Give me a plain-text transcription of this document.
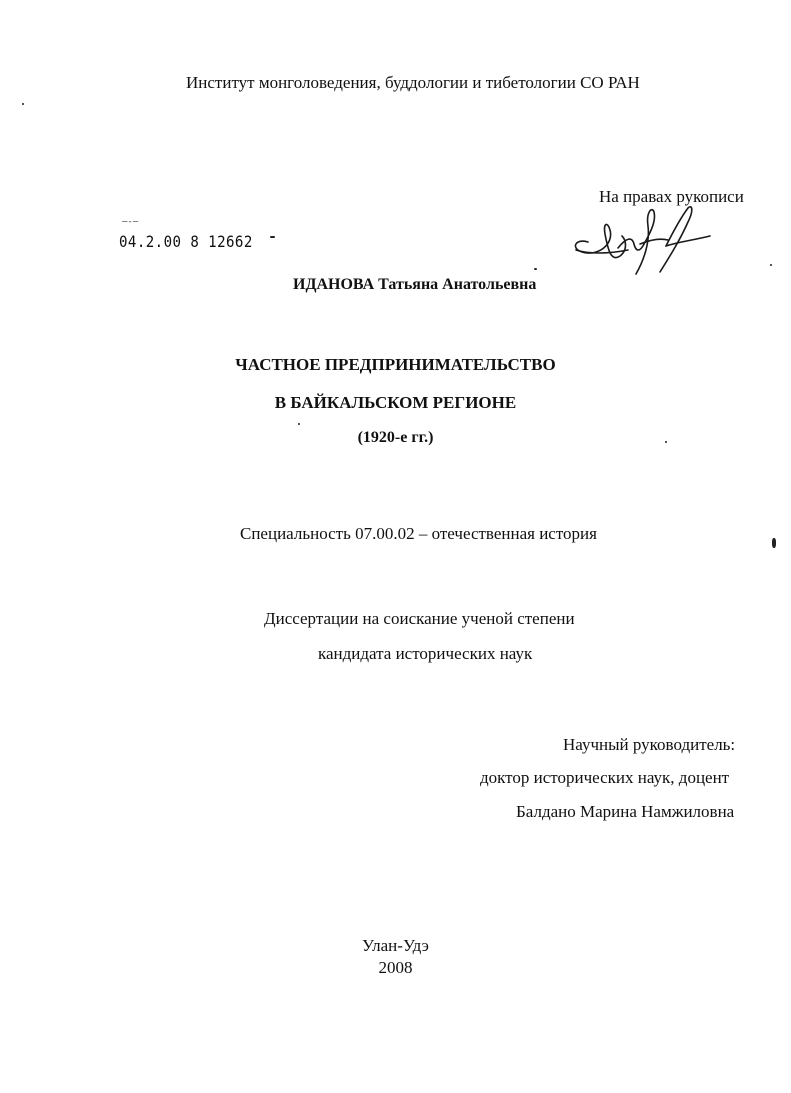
Институт монголоведения, буддологии и тибетологии СО РАН
На правах рукописи
–-–
04.2.00 8 12662
ИДАНОВА Татьяна Анатольевна
ЧАСТНОЕ ПРЕДПРИНИМАТЕЛЬСТВО
В БАЙКАЛЬСКОМ РЕГИОНЕ
(1920-е гг.)
Специальность 07.00.02 – отечественная история
Диссертации на соискание ученой степени
кандидата исторических наук
Научный руководитель:
доктор исторических наук, доцент
Балдано Марина Намжиловна
Улан-Удэ
2008
